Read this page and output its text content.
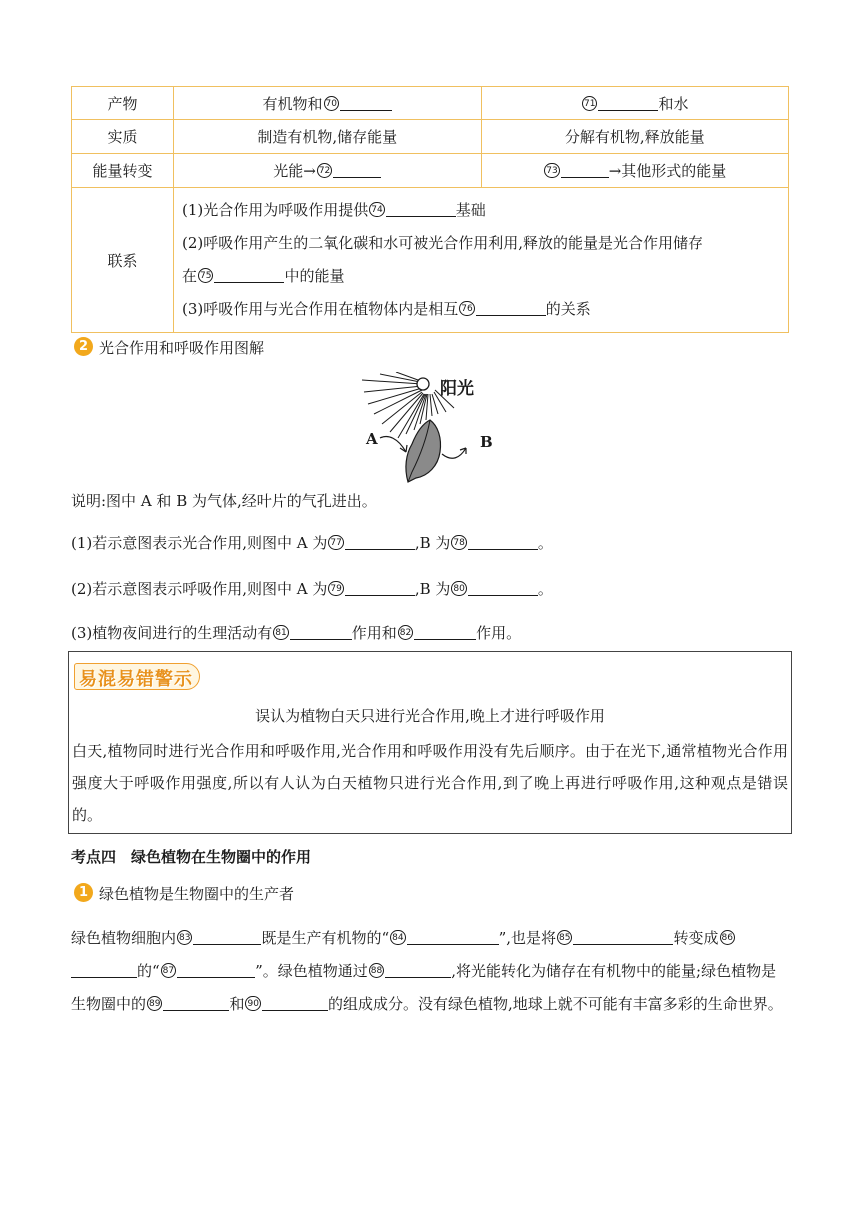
产物	有机物和 70	71 和水
实质	制造有机物,储存能量	分解有机物,释放能量
能量转变	光能→ 72	73 →其他形式的能量
联系	(1)光合作用为呼吸作用提供 74 基础

(2)呼吸作用产生的二氧化碳和水可被光合作用利用,释放的能量是光合作用储存

在 75 中的能量

(3)呼吸作用与光合作用在植物体内是相互 76 的关系	

2 光合作用和呼吸作用图解
阳光
A	B
说明:图中 A 和 B 为气体,经叶片的气孔进出。
(1)若示意图表示光合作用,则图中 A 为 77	,B 为 78	。
(2)若示意图表示呼吸作用,则图中 A 为 79	,B 为 80	。
(3)植物夜间进行的生理活动有 81	作用和 82	作用。
易混易错警示
误认为植物白天只进行光合作用,晚上才进行呼吸作用

白天,植物同时进行光合作用和呼吸作用,光合作用和呼吸作用没有先后顺序。由于在光下,通常植物光合作用强度大于呼吸作用强度,所以有人认为白天植物只进行光合作用,到了晚上再进行呼吸作用,这种观点是错误的。

考点四　绿色植物在生物圈中的作用
1 绿色植物是生物圈中的生产者

绿色植物细胞内 83	既是生产有机物的“ 84	”,也是将 85	转变成 86的“ 87	”。绿色植物通过 88	,将光能转化为储存在有机物中的能量;绿色植物是生物圈中的 89	和 90	的组成成分。没有绿色植物,地球上就不可能有丰富多彩的生命世界。
